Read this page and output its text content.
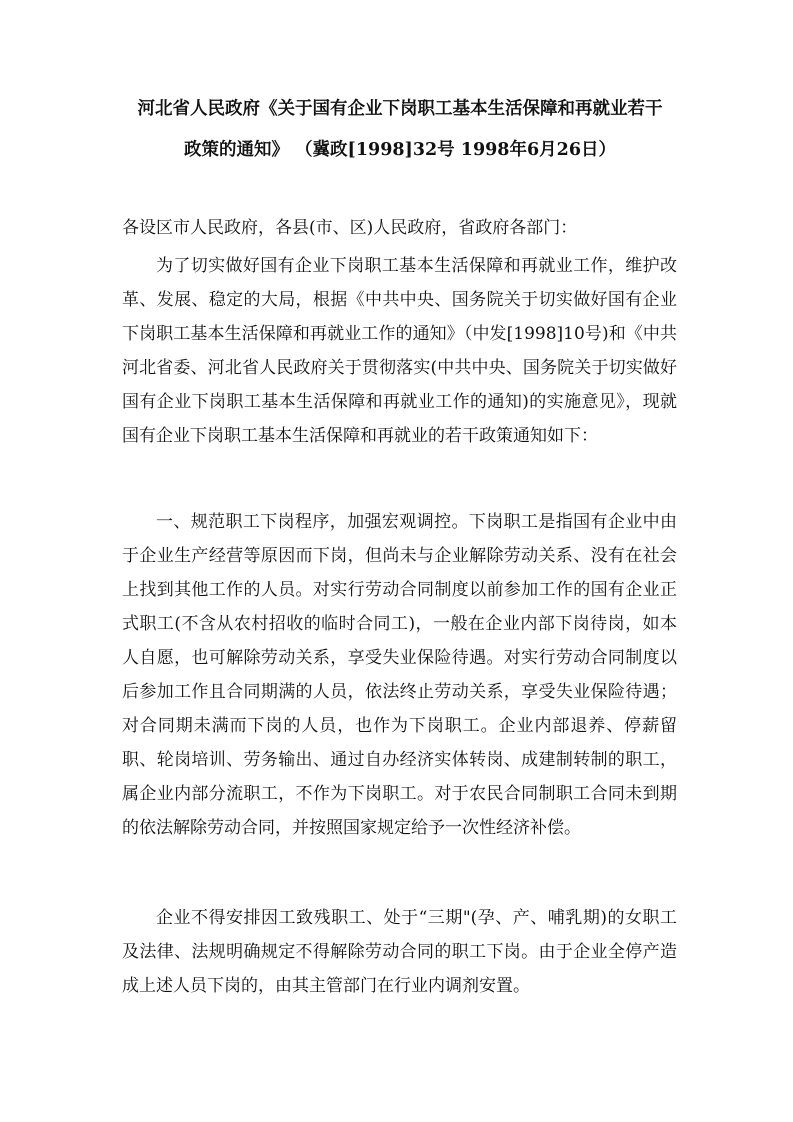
河北省人民政府《关于国有企业下岗职工基本生活保障和再就业若干
政策的通知》 （冀政[1998]32号 1998年6月26日）

各设区市人民政府，各县(市、区)人民政府，省政府各部门：

为了切实做好国有企业下岗职工基本生活保障和再就业工作，维护改革、发展、稳定的大局，根据《中共中央、国务院关于切实做好国有企业下岗职工基本生活保障和再就业工作的通知》（中发[1998]10号)和《中共河北省委、河北省人民政府关于贯彻落实(中共中央、国务院关于切实做好国有企业下岗职工基本生活保障和再就业工作的通知)的实施意见》，现就国有企业下岗职工基本生活保障和再就业的若干政策通知如下：

一、规范职工下岗程序，加强宏观调控。下岗职工是指国有企业中由于企业生产经营等原因而下岗，但尚未与企业解除劳动关系、没有在社会上找到其他工作的人员。对实行劳动合同制度以前参加工作的国有企业正式职工(不含从农村招收的临时合同工)，一般在企业内部下岗待岗，如本人自愿，也可解除劳动关系，享受失业保险待遇。对实行劳动合同制度以后参加工作且合同期满的人员，依法终止劳动关系，享受失业保险待遇；对合同期未满而下岗的人员，也作为下岗职工。企业内部退养、停薪留职、轮岗培训、劳务输出、通过自办经济实体转岗、成建制转制的职工，属企业内部分流职工，不作为下岗职工。对于农民合同制职工合同未到期的依法解除劳动合同，并按照国家规定给予一次性经济补偿。

企业不得安排因工致残职工、处于“三期"(孕、产、哺乳期)的女职工及法律、法规明确规定不得解除劳动合同的职工下岗。由于企业全停产造成上述人员下岗的，由其主管部门在行业内调剂安置。
